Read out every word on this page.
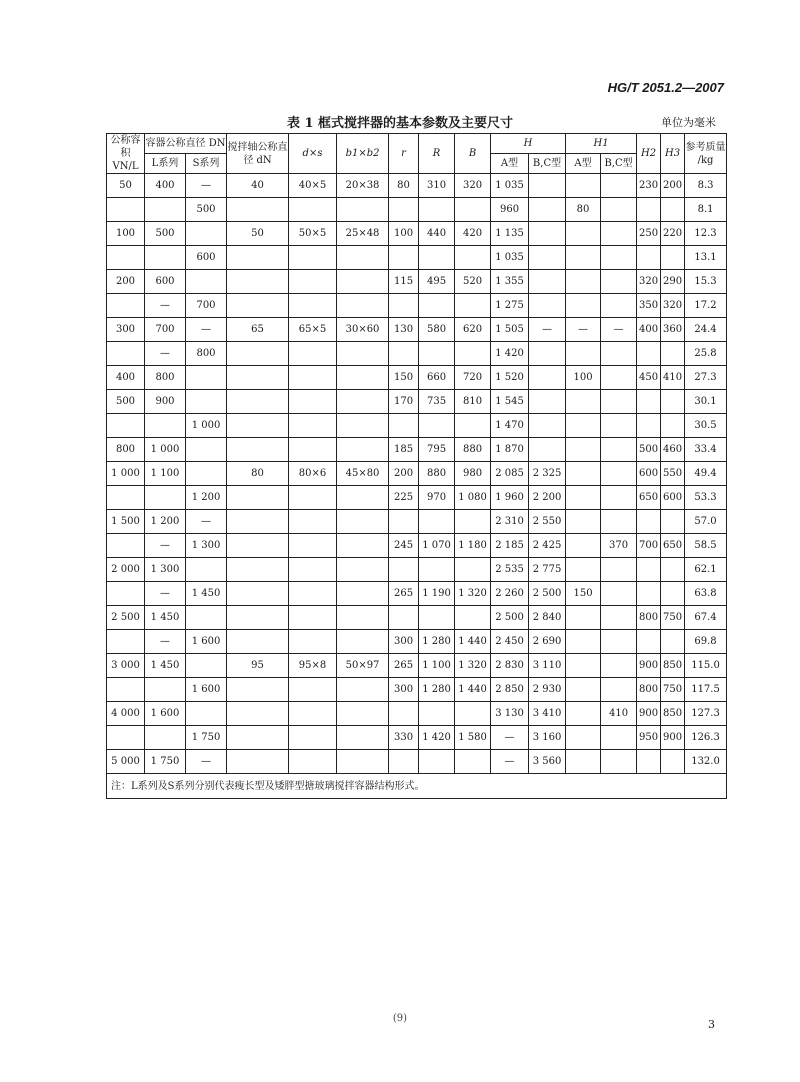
HG/T 2051.2—2007
表 1 框式搅拌器的基本参数及主要尺寸	单位为毫米
公称容积 VN/L	容器公称直径 DN		搅拌轴公称直径 dN	d×s	b1×b2	r	R	B	H		H1		H2	H3	参考质量 /kg
	L系列	S系列							A型	B,C型	A型	B,C型			
50	400	—	40	40×5	20×38	80	310	320	1 035				230	200	8.3
		500							960		80				8.1
100	500		50	50×5	25×48	100	440	420	1 135				250	220	12.3
		600							1 035						13.1
200	600					115	495	520	1 355				320	290	15.3
	—	700							1 275				350	320	17.2
300	700	—	65	65×5	30×60	130	580	620	1 505	—	—	—	400	360	24.4
	—	800							1 420						25.8
400	800					150	660	720	1 520		100		450	410	27.3
500	900					170	735	810	1 545						30.1
		1 000							1 470						30.5
800	1 000					185	795	880	1 870				500	460	33.4
1 000	1 100		80	80×6	45×80	200	880	980	2 085	2 325			600	550	49.4
		1 200				225	970	1 080	1 960	2 200			650	600	53.3
1 500	1 200	—							2 310	2 550					57.0
	—	1 300				245	1 070	1 180	2 185	2 425		370	700	650	58.5
2 000	1 300								2 535	2 775					62.1
	—	1 450				265	1 190	1 320	2 260	2 500	150				63.8
2 500	1 450								2 500	2 840			800	750	67.4
	—	1 600				300	1 280	1 440	2 450	2 690					69.8
3 000	1 450		95	95×8	50×97	265	1 100	1 320	2 830	3 110			900	850	115.0
		1 600				300	1 280	1 440	2 850	2 930			800	750	117.5
4 000	1 600								3 130	3 410		410	900	850	127.3
		1 750				330	1 420	1 580	—	3 160			950	900	126.3
5 000	1 750	—							—	3 560					132.0
注：L系列及S系列分别代表瘦长型及矮胖型搪玻璃搅拌容器结构形式。															
(9)	3
